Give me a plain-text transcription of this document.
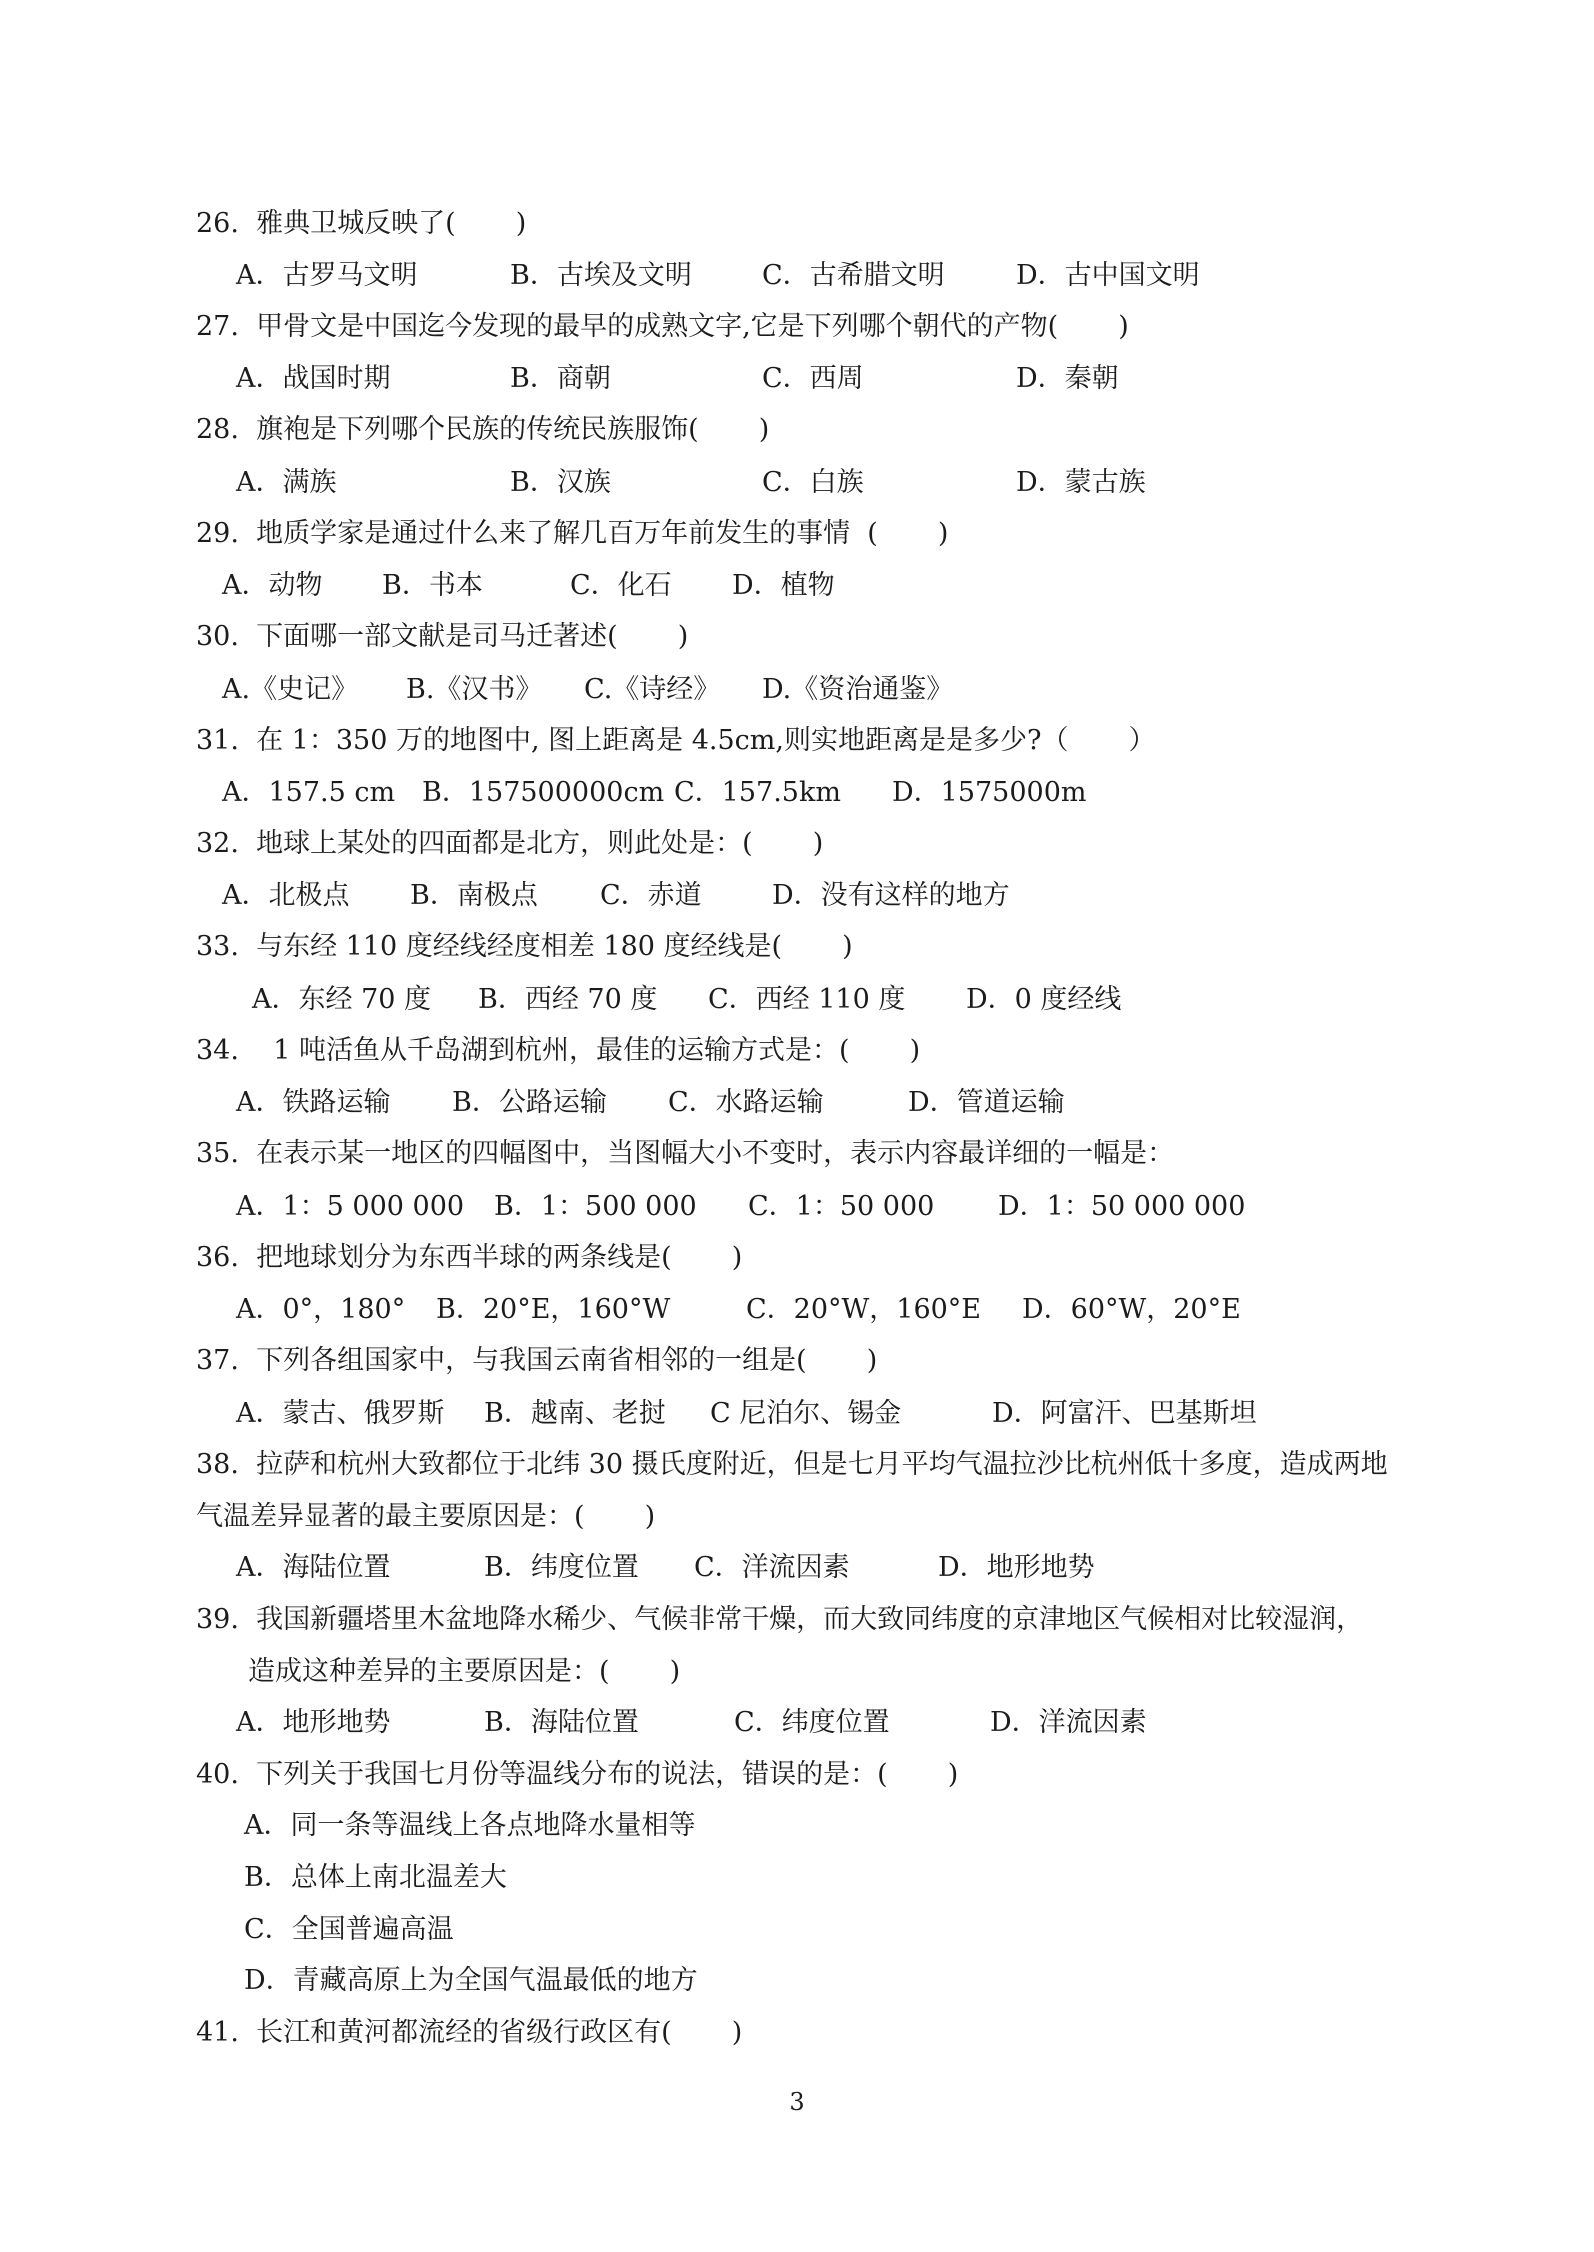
26.  雅典卫城反映了(       )

A．古罗马文明

	B．古埃及文明

	C．古希腊文明

	D．古中国文明

27.  甲骨文是中国迄今发现的最早的成熟文字,它是下列哪个朝代的产物(       )

A．战国时期

	B．商朝

	C．西周

	D．秦朝

28.  旗袍是下列哪个民族的传统民族服饰(       )

A．满族

	B．汉族

	C．白族

	D．蒙古族

29.  地质学家是通过什么来了解几百万年前发生的事情  (       )

A．动物

B．书本

	C．化石

D．植物

30.  下面哪一部文献是司马迁著述(       )

A.《史记》

B.《汉书》

C.《诗经》

D.《资治通鉴》

31.  在 1：350 万的地图中, 图上距离是 4.5cm,则实地距离是是多少?（       ）

A．157.5 cm

B．157500000cm

C．157.5km

D．1575000m

32.  地球上某处的四面都是北方，则此处是：(       )

A．北极点

B．南极点

C．赤道

	D．没有这样的地方

33.  与东经 110 度经线经度相差 180 度经线是(       )

A．东经 70 度

B．西经 70 度

C．西经 110 度

D．0 度经线

34.    1 吨活鱼从千岛湖到杭州，最佳的运输方式是：(       )

A．铁路运输

B．公路运输

C．水路运输

	D．管道运输

35.  在表示某一地区的四幅图中，当图幅大小不变时，表示内容最详细的一幅是：

A．1：5 000 000

B．1：500 000

C．1：50 000

D．1：50 000 000

36.  把地球划分为东西半球的两条线是(       )

A．0°，180°

B．20°E，160°W

	C．20°W，160°E

D．60°W，20°E

37.  下列各组国家中，与我国云南省相邻的一组是(       )

A．蒙古、俄罗斯

B．越南、老挝

C 尼泊尔、锡金

	D．阿富汗、巴基斯坦

38.  拉萨和杭州大致都位于北纬 30 摄氏度附近，但是七月平均气温拉沙比杭州低十多度，造成两地
气温差异显著的最主要原因是：(       )

A．海陆位置

	B．纬度位置

C．洋流因素

	D．地形地势

39.  我国新疆塔里木盆地降水稀少、气候非常干燥，而大致同纬度的京津地区气候相对比较湿润，
造成这种差异的主要原因是：(       )

A．地形地势

	B．海陆位置

	C．纬度位置

	D．洋流因素

40.  下列关于我国七月份等温线分布的说法，错误的是：(       )
A．同一条等温线上各点地降水量相等
B．总体上南北温差大
C．全国普遍高温
D．青藏高原上为全国气温最低的地方
41.  长江和黄河都流经的省级行政区有(       )
3
